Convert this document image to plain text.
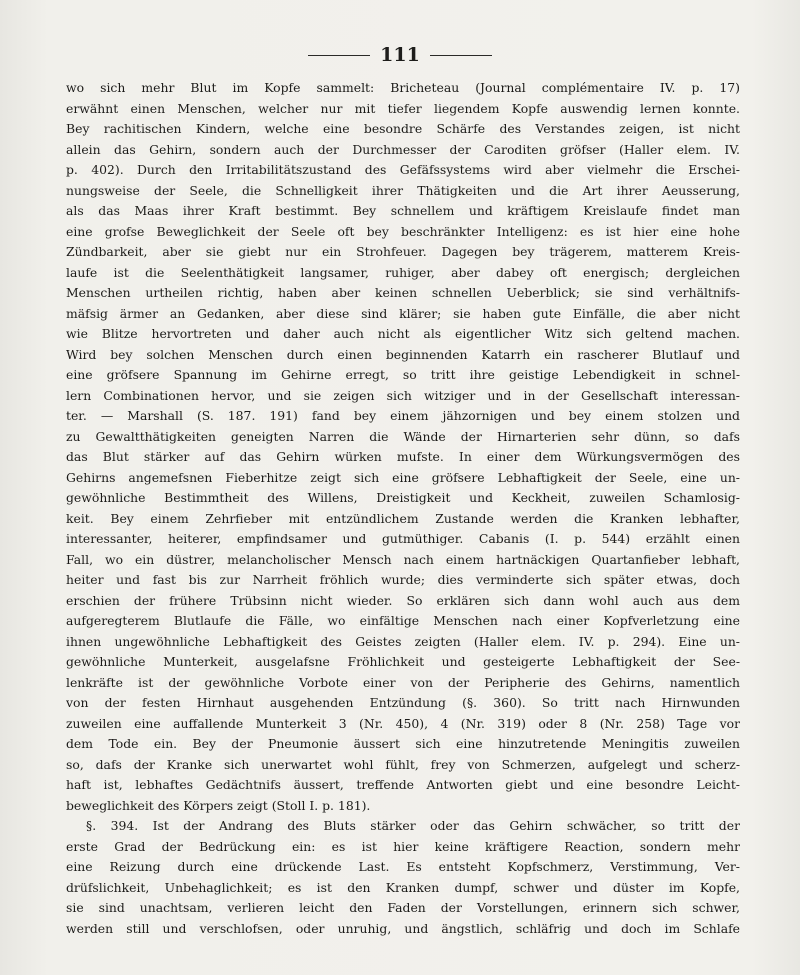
111
wo sich mehr Blut im Kopfe sammelt: Bricheteau (Journal complémentaire IV. p. 17)
erwähnt einen Menschen, welcher nur mit tiefer liegendem Kopfe auswendig lernen konnte.
Bey rachitischen Kindern, welche eine besondre Schärfe des Verstandes zeigen, ist nicht
allein das Gehirn, sondern auch der Durchmesser der Caroditen gröfser (Haller elem. IV.
p. 402). Durch den Irritabilitätszustand des Gefäfssystems wird aber vielmehr die Erschei-
nungsweise der Seele, die Schnelligkeit ihrer Thätigkeiten und die Art ihrer Aeusserung,
als das Maas ihrer Kraft bestimmt. Bey schnellem und kräftigem Kreislaufe findet man
eine grofse Beweglichkeit der Seele oft bey beschränkter Intelligenz: es ist hier eine hohe
Zündbarkeit, aber sie giebt nur ein Strohfeuer. Dagegen bey trägerem, matterem Kreis-
laufe ist die Seelenthätigkeit langsamer, ruhiger, aber dabey oft energisch; dergleichen
Menschen urtheilen richtig, haben aber keinen schnellen Ueberblick; sie sind verhältnifs-
mäfsig ärmer an Gedanken, aber diese sind klärer; sie haben gute Einfälle, die aber nicht
wie Blitze hervortreten und daher auch nicht als eigentlicher Witz sich geltend machen.
Wird bey solchen Menschen durch einen beginnenden Katarrh ein rascherer Blutlauf und
eine gröfsere Spannung im Gehirne erregt, so tritt ihre geistige Lebendigkeit in schnel-
lern Combinationen hervor, und sie zeigen sich witziger und in der Gesellschaft interessan-
ter. — Marshall (S. 187. 191) fand bey einem jähzornigen und bey einem stolzen und
zu Gewaltthätigkeiten geneigten Narren die Wände der Hirnarterien sehr dünn, so dafs
das Blut stärker auf das Gehirn würken mufste. In einer dem Würkungsvermögen des
Gehirns angemefsnen Fieberhitze zeigt sich eine gröfsere Lebhaftigkeit der Seele, eine un-
gewöhnliche Bestimmtheit des Willens, Dreistigkeit und Keckheit, zuweilen Schamlosig-
keit. Bey einem Zehrfieber mit entzündlichem Zustande werden die Kranken lebhafter,
interessanter, heiterer, empfindsamer und gutmüthiger. Cabanis (I. p. 544) erzählt einen
Fall, wo ein düstrer, melancholischer Mensch nach einem hartnäckigen Quartanfieber lebhaft,
heiter und fast bis zur Narrheit fröhlich wurde; dies verminderte sich später etwas, doch
erschien der frühere Trübsinn nicht wieder. So erklären sich dann wohl auch aus dem
aufgeregterem Blutlaufe die Fälle, wo einfältige Menschen nach einer Kopfverletzung eine
ihnen ungewöhnliche Lebhaftigkeit des Geistes zeigten (Haller elem. IV. p. 294). Eine un-
gewöhnliche Munterkeit, ausgelafsne Fröhlichkeit und gesteigerte Lebhaftigkeit der See-
lenkräfte ist der gewöhnliche Vorbote einer von der Peripherie des Gehirns, namentlich
von der festen Hirnhaut ausgehenden Entzündung (§. 360). So tritt nach Hirnwunden
zuweilen eine auffallende Munterkeit 3 (Nr. 450), 4 (Nr. 319) oder 8 (Nr. 258) Tage vor
dem Tode ein. Bey der Pneumonie äussert sich eine hinzutretende Meningitis zuweilen
so, dafs der Kranke sich unerwartet wohl fühlt, frey von Schmerzen, aufgelegt und scherz-
haft ist, lebhaftes Gedächtnifs äussert, treffende Antworten giebt und eine besondre Leicht-
beweglichkeit des Körpers zeigt (Stoll I. p. 181).
§. 394. Ist der Andrang des Bluts stärker oder das Gehirn schwächer, so tritt der
erste Grad der Bedrückung ein: es ist hier keine kräftigere Reaction, sondern mehr
eine Reizung durch eine drückende Last. Es entsteht Kopfschmerz, Verstimmung, Ver-
drüfslichkeit, Unbehaglichkeit; es ist den Kranken dumpf, schwer und düster im Kopfe,
sie sind unachtsam, verlieren leicht den Faden der Vorstellungen, erinnern sich schwer,
werden still und verschlofsen, oder unruhig, und ängstlich, schläfrig und doch im Schlafe
